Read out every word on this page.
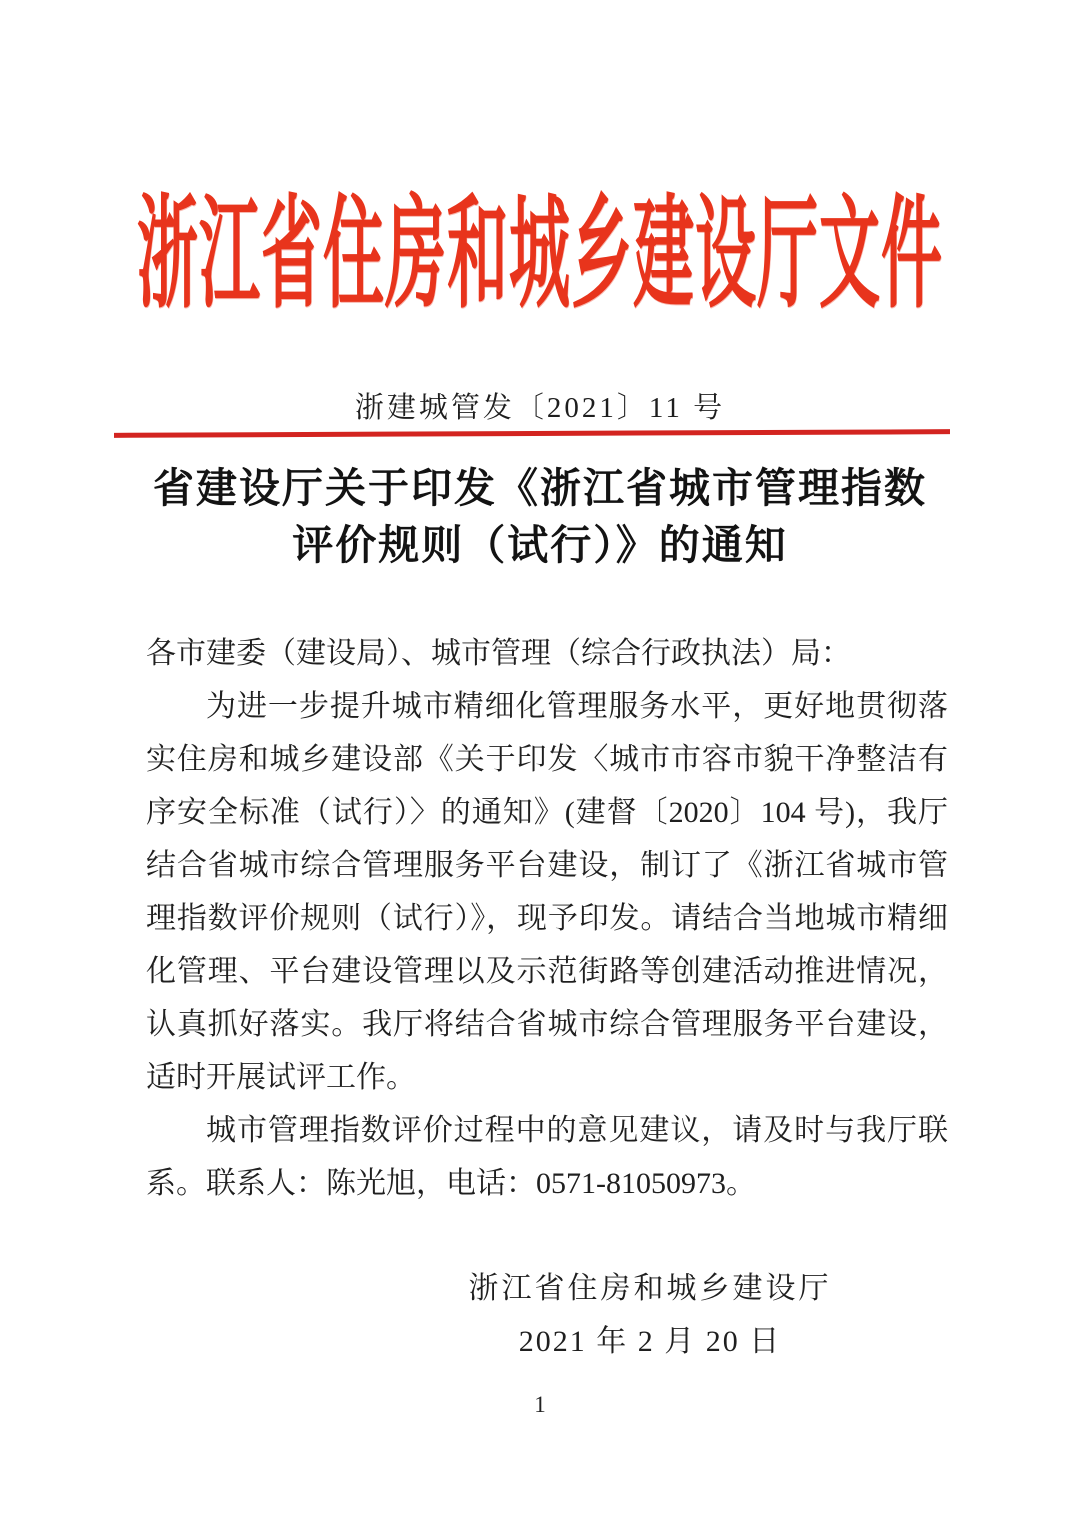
浙江省住房和城乡建设厅文件
浙建城管发〔2021〕11 号
省建设厅关于印发《浙江省城市管理指数
评价规则（试行）》的通知

各市建委（建设局）、城市管理（综合行政执法）局：

为进一步提升城市精细化管理服务水平，更好地贯彻落实住房和城乡建设部《关于印发〈城市市容市貌干净整洁有序安全标准（试行）〉的通知》(建督〔2020〕104 号)，我厅结合省城市综合管理服务平台建设，制订了《浙江省城市管理指数评价规则（试行）》，现予印发。请结合当地城市精细化管理、平台建设管理以及示范街路等创建活动推进情况，认真抓好落实。我厅将结合省城市综合管理服务平台建设，适时开展试评工作。

城市管理指数评价过程中的意见建议，请及时与我厅联系。联系人：陈光旭，电话：0571-81050973。

浙江省住房和城乡建设厅
2021 年 2 月 20 日
1
